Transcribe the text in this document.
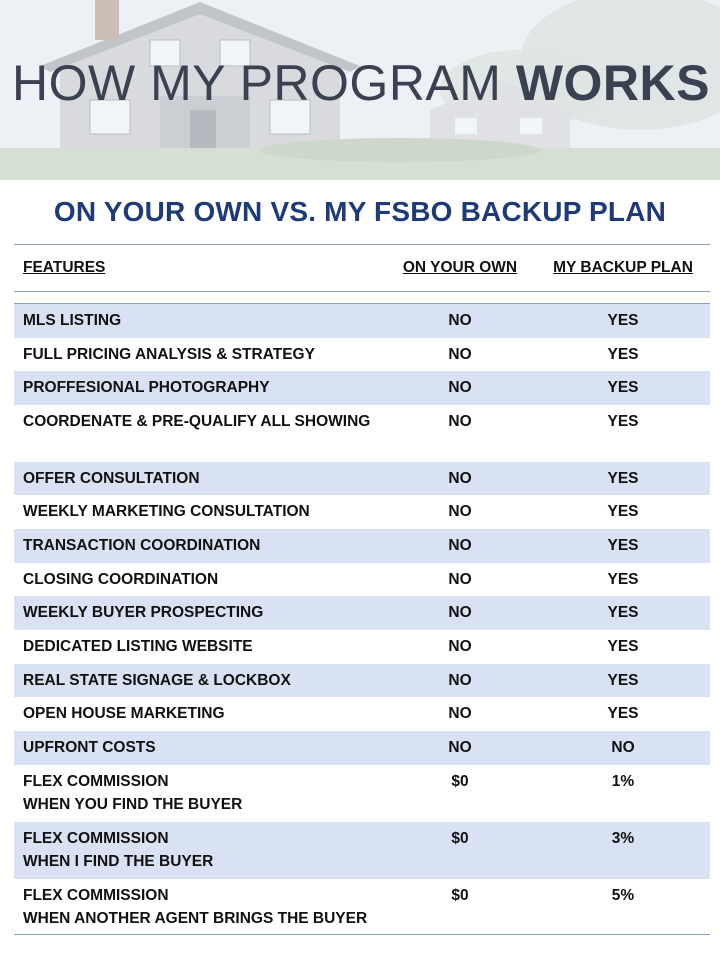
HOW MY PROGRAM WORKS
ON YOUR OWN VS. MY FSBO BACKUP PLAN
FEATURES	ON YOUR OWN	MY BACKUP PLAN

MLS LISTING	NO	YES

FULL PRICING ANALYSIS & STRATEGY	NO	YES

PROFFESIONAL PHOTOGRAPHY	NO	YES

COORDENATE & PRE-QUALIFY ALL SHOWING	NO	YES

OFFER CONSULTATION	NO	YES

WEEKLY MARKETING CONSULTATION	NO	YES

TRANSACTION COORDINATION	NO	YES

CLOSING COORDINATION	NO	YES

WEEKLY BUYER PROSPECTING	NO	YES

DEDICATED LISTING WEBSITE	NO	YES

REAL STATE SIGNAGE & LOCKBOX	NO	YES

OPEN HOUSE MARKETING	NO	YES

UPFRONT COSTS	NO	NO

FLEX COMMISSION
WHEN YOU FIND THE BUYER	$0	1%

FLEX COMMISSION
WHEN I FIND THE BUYER	$0	3%

FLEX COMMISSION
WHEN ANOTHER AGENT BRINGS THE BUYER	$0	5%
